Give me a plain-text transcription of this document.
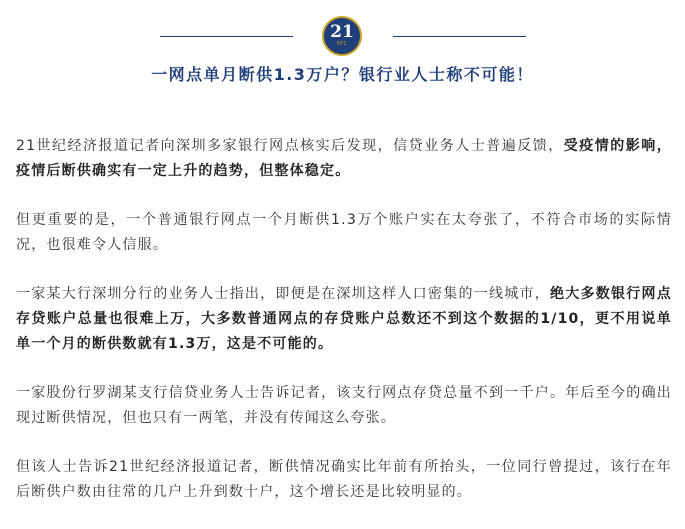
21
SFC
一网点单月断供1.3万户？银行业人士称不可能！

21世纪经济报道记者向深圳多家银行网点核实后发现，信贷业务人士普遍反馈，受疫情的影响，疫情后断供确实有一定上升的趋势，但整体稳定。

但更重要的是，一个普通银行网点一个月断供1.3万个账户实在太夸张了，不符合市场的实际情况，也很难令人信服。

一家某大行深圳分行的业务人士指出，即便是在深圳这样人口密集的一线城市，绝大多数银行网点存贷账户总量也很难上万，大多数普通网点的存贷账户总数还不到这个数据的1/10，更不用说单单一个月的断供数就有1.3万，这是不可能的。

一家股份行罗湖某支行信贷业务人士告诉记者，该支行网点存贷总量不到一千户。年后至今的确出现过断供情况，但也只有一两笔，并没有传闻这么夸张。

但该人士告诉21世纪经济报道记者，断供情况确实比年前有所抬头，一位同行曾提过，该行在年后断供户数由往常的几户上升到数十户，这个增长还是比较明显的。
